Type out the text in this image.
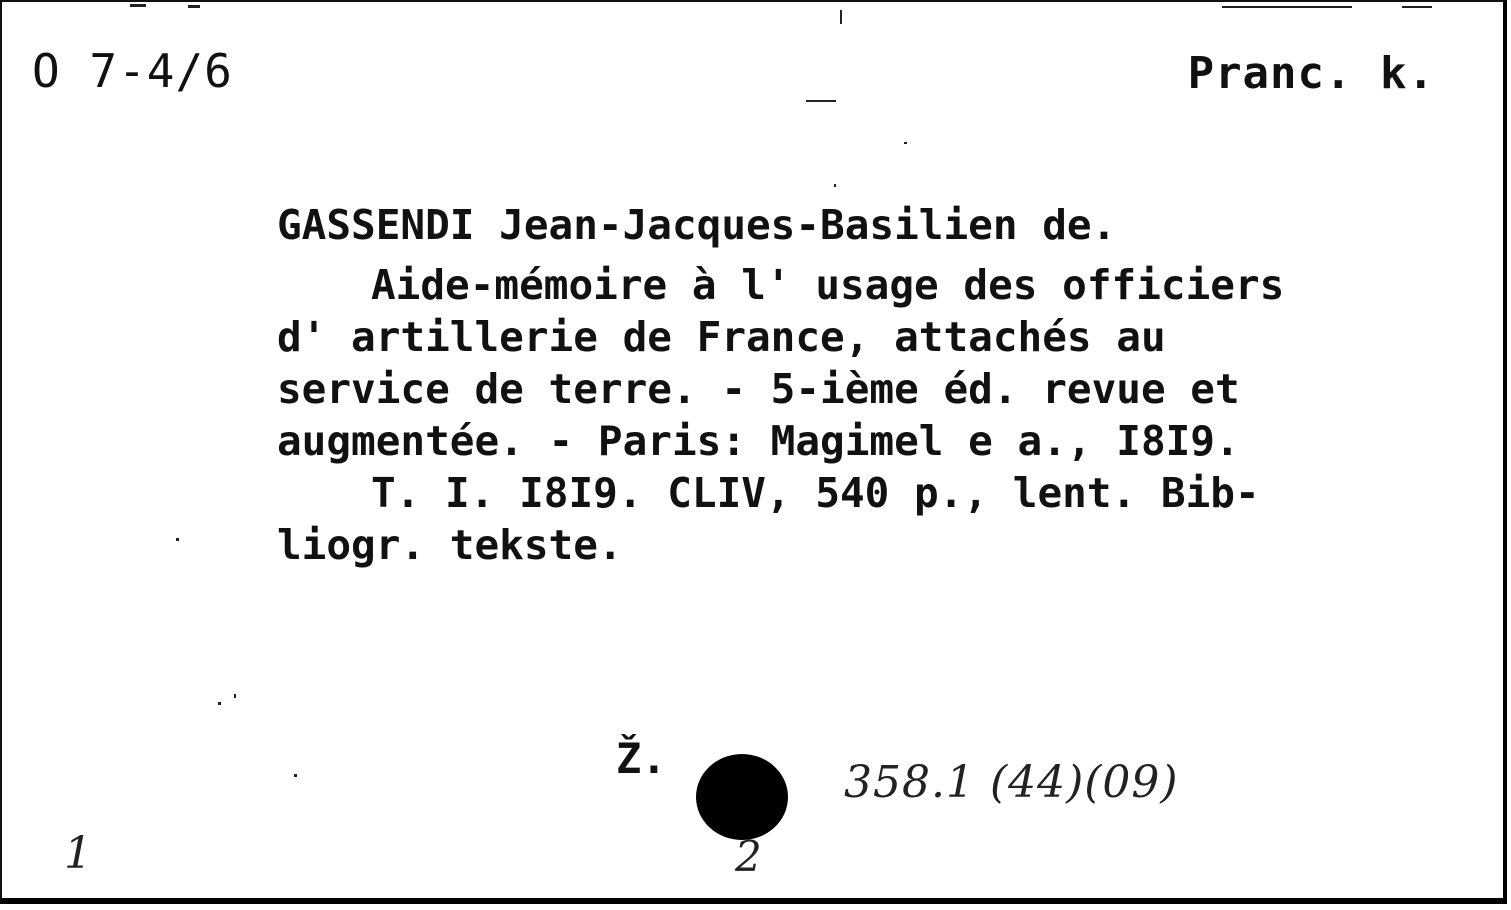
O 7-4/6	Pranc. k.
GASSENDI Jean-Jacques-Basilien de.
Aide-mémoire à l' usage des officiers
d' artillerie de France, attachés au
service de terre. - 5-ième éd. revue et
augmentée. - Paris: Magimel e a., I8I9.
T. I. I8I9. CLIV, 540 p., lent. Bib-
liogr. tekste.
Ž.	358.1 (44)(09)
2
1
